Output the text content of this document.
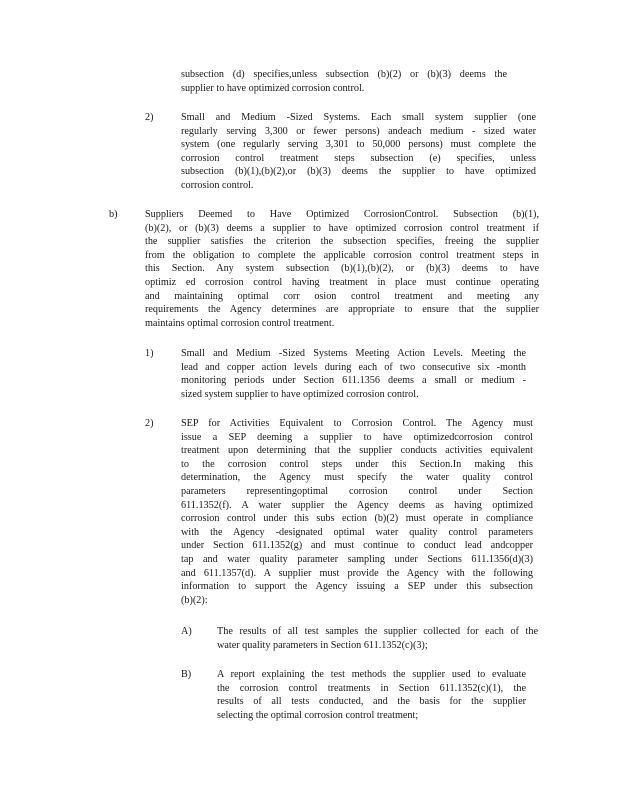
subsection (d) specifies,unless subsection (b)(2) or (b)(3) deems the
supplier to have optimized corrosion control.
2)	Small and Medium -Sized Systems. Each small system supplier (one
regularly serving 3,300 or fewer persons) andeach medium - sized water
system (one regularly serving 3,301 to 50,000 persons) must complete the
corrosion control treatment steps subsection (e) specifies, unless
subsection (b)(1),(b)(2),or (b)(3) deems the supplier to have optimized
corrosion control.
b)	Suppliers Deemed to Have Optimized CorrosionControl. Subsection (b)(1),
(b)(2), or (b)(3) deems a supplier to have optimized corrosion control treatment if
the supplier satisfies the criterion the subsection specifies, freeing the supplier
from the obligation to complete the applicable corrosion control treatment steps in
this Section. Any system subsection (b)(1),(b)(2), or (b)(3) deems to have
optimiz ed corrosion control having treatment in place must continue operating
and maintaining optimal corr osion control treatment and meeting any
requirements the Agency determines are appropriate to ensure that the supplier
maintains optimal corrosion control treatment.
1)	Small and Medium -Sized Systems Meeting Action Levels. Meeting the
lead and copper action levels during each of two consecutive six -month
monitoring periods under Section 611.1356 deems a small or medium -
sized system supplier to have optimized corrosion control.
2)	SEP for Activities Equivalent to Corrosion Control. The Agency must
issue a SEP deeming a supplier to have optimizedcorrosion control
treatment upon determining that the supplier conducts activities equivalent
to the corrosion control steps under this Section.In making this
determination, the Agency must specify the water quality control
parameters representingoptimal corrosion control under Section
611.1352(f). A water supplier the Agency deems as having optimized
corrosion control under this subs ection (b)(2) must operate in compliance
with the Agency -designated optimal water quality control parameters
under Section 611.1352(g) and must continue to conduct lead andcopper
tap and water quality parameter sampling under Sections 611.1356(d)(3)
and 611.1357(d). A supplier must provide the Agency with the following
information to support the Agency issuing a SEP under this subsection
(b)(2):
A) The results of all test samples the supplier collected for each of the
water quality parameters in Section 611.1352(c)(3);
B)	A report explaining the test methods the supplier used to evaluate
the corrosion control treatments in Section 611.1352(c)(1), the
results of all tests conducted, and the basis for the supplier
selecting the optimal corrosion control treatment;
